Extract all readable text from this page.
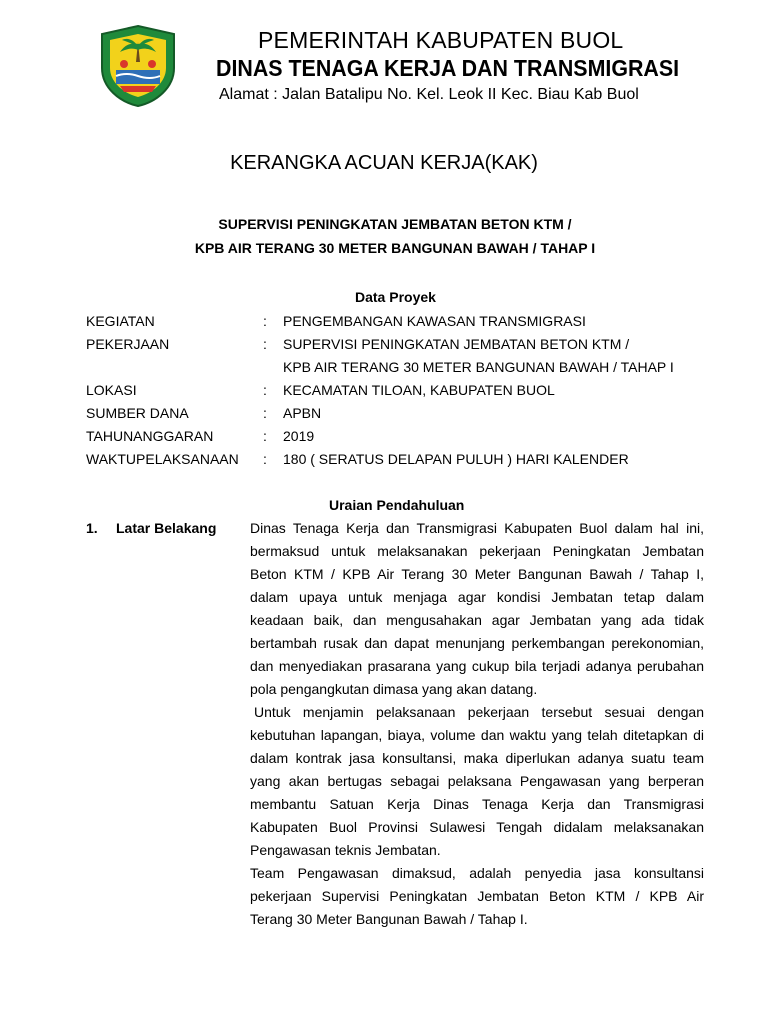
PEMERINTAH KABUPATEN BUOL
DINAS TENAGA KERJA DAN TRANSMIGRASI
Alamat : Jalan Batalipu No. Kel. Leok II Kec. Biau Kab Buol
KERANGKA ACUAN KERJA(KAK)
SUPERVISI PENINGKATAN JEMBATAN BETON KTM /
KPB AIR TERANG 30 METER BANGUNAN BAWAH / TAHAP I
Data Proyek
KEGIATAN	: PENGEMBANGAN KAWASAN TRANSMIGRASI
PEKERJAAN	: SUPERVISI PENINGKATAN JEMBATAN BETON KTM /
KPB AIR TERANG 30 METER BANGUNAN BAWAH / TAHAP I
LOKASI	: KECAMATAN TILOAN, KABUPATEN BUOL
SUMBER DANA	: APBN
TAHUNANGGARAN	: 2019
WAKTUPELAKSANAAN : 180 ( SERATUS DELAPAN PULUH ) HARI KALENDER
Uraian Pendahuluan
1. Latar Belakang Dinas Tenaga Kerja dan Transmigrasi Kabupaten Buol dalam hal ini,
bermaksud untuk melaksanakan pekerjaan Peningkatan Jembatan
Beton KTM / KPB Air Terang 30 Meter Bangunan Bawah / Tahap I,
dalam upaya untuk menjaga agar kondisi Jembatan tetap dalam
keadaan baik, dan mengusahakan agar Jembatan yang ada tidak
bertambah rusak dan dapat menunjang perkembangan perekonomian,
dan menyediakan prasarana yang cukup bila terjadi adanya perubahan
pola pengangkutan dimasa yang akan datang.
Untuk menjamin pelaksanaan pekerjaan tersebut sesuai dengan
kebutuhan lapangan, biaya, volume dan waktu yang telah ditetapkan di
dalam kontrak jasa konsultansi, maka diperlukan adanya suatu team
yang akan bertugas sebagai pelaksana Pengawasan yang berperan
membantu Satuan Kerja Dinas Tenaga Kerja dan Transmigrasi
Kabupaten Buol Provinsi Sulawesi Tengah didalam melaksanakan
Pengawasan teknis Jembatan.
Team Pengawasan dimaksud, adalah penyedia jasa konsultansi
pekerjaan Supervisi Peningkatan Jembatan Beton KTM / KPB Air
Terang 30 Meter Bangunan Bawah / Tahap I.
